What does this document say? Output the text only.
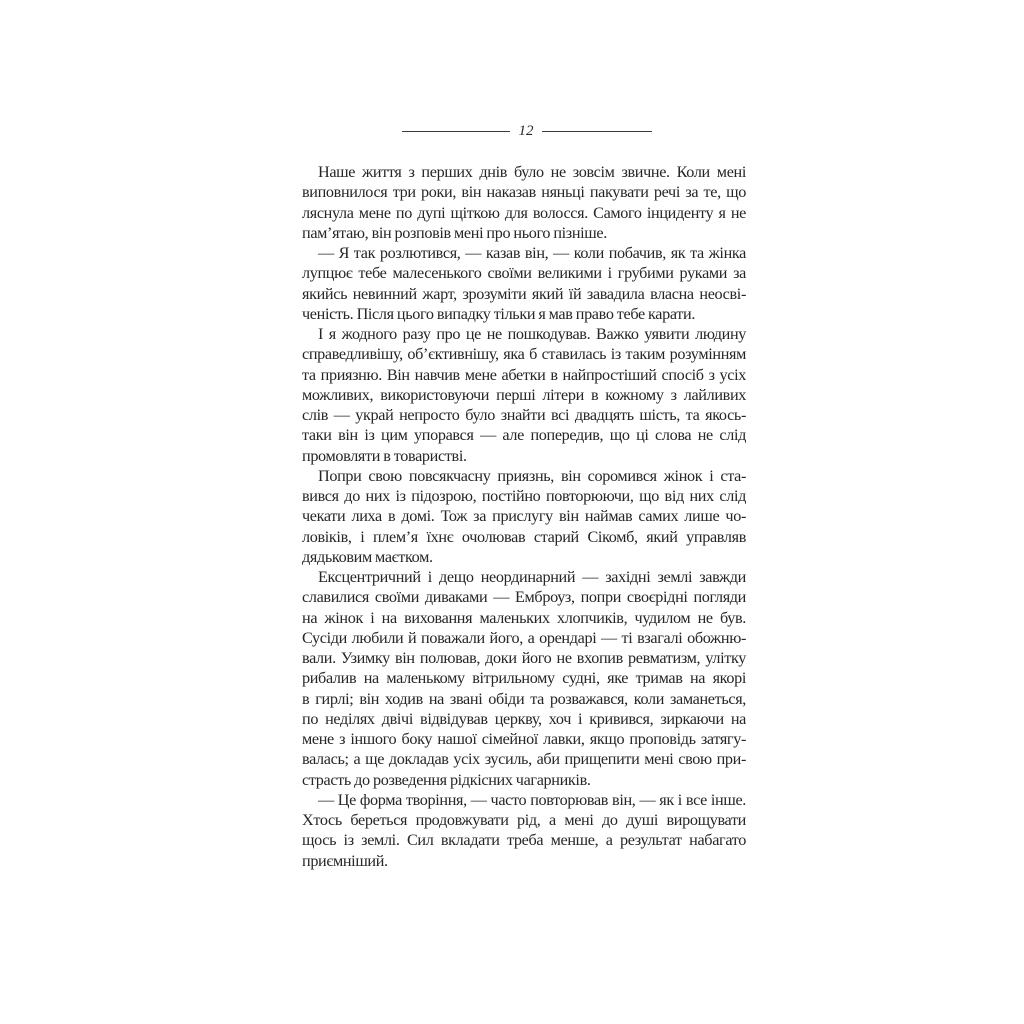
12
Наше життя з перших днів було не зовсім звичне. Коли мені
виповнилося три роки, він наказав няньці пакувати речі за те, що
ляснула мене по дупі щіткою для волосся. Самого інциденту я не
пам’ятаю, він розповів мені про нього пізніше.
— Я так розлютився, — казав він, — коли побачив, як та жінка
лупцює тебе малесенького своїми великими і грубими руками за
якийсь невинний жарт, зрозуміти який їй завадила власна неосві-
ченість. Після цього випадку тільки я мав право тебе карати.
І я жодного разу про це не пошкодував. Важко уявити людину
справедливішу, об’єктивнішу, яка б ставилась із таким розумінням
та приязню. Він навчив мене абетки в найпростіший спосіб з усіх
можливих, використовуючи перші літери в кожному з лайливих
слів — украй непросто було знайти всі двадцять шість, та якось-
таки він із цим упорався — але попередив, що ці слова не слід
промовляти в товаристві.
Попри свою повсякчасну приязнь, він соромився жінок і ста-
вився до них із підозрою, постійно повторюючи, що від них слід
чекати лиха в домі. Тож за прислугу він наймав самих лише чо-
ловіків, і плем’я їхнє очолював старий Сікомб, який управляв
дядьковим маєтком.
Ексцентричний і дещо неординарний — західні землі завжди
славилися своїми диваками — Емброуз, попри своєрідні погляди
на жінок і на виховання маленьких хлопчиків, чудилом не був.
Сусіди любили й поважали його, а орендарі — ті взагалі обожню-
вали. Узимку він полював, доки його не вхопив ревматизм, улітку
рибалив на маленькому вітрильному судні, яке тримав на якорі
в гирлі; він ходив на звані обіди та розважався, коли заманеться,
по неділях двічі відвідував церкву, хоч і кривився, зиркаючи на
мене з іншого боку нашої сімейної лавки, якщо проповідь затягу-
валась; а ще докладав усіх зусиль, аби прищепити мені свою при-
страсть до розведення рідкісних чагарників.
— Це форма творіння, — часто повторював він, — як і все інше.
Хтось береться продовжувати рід, а мені до душі вирощувати
щось із землі. Сил вкладати треба менше, а результат набагато
приємніший.
